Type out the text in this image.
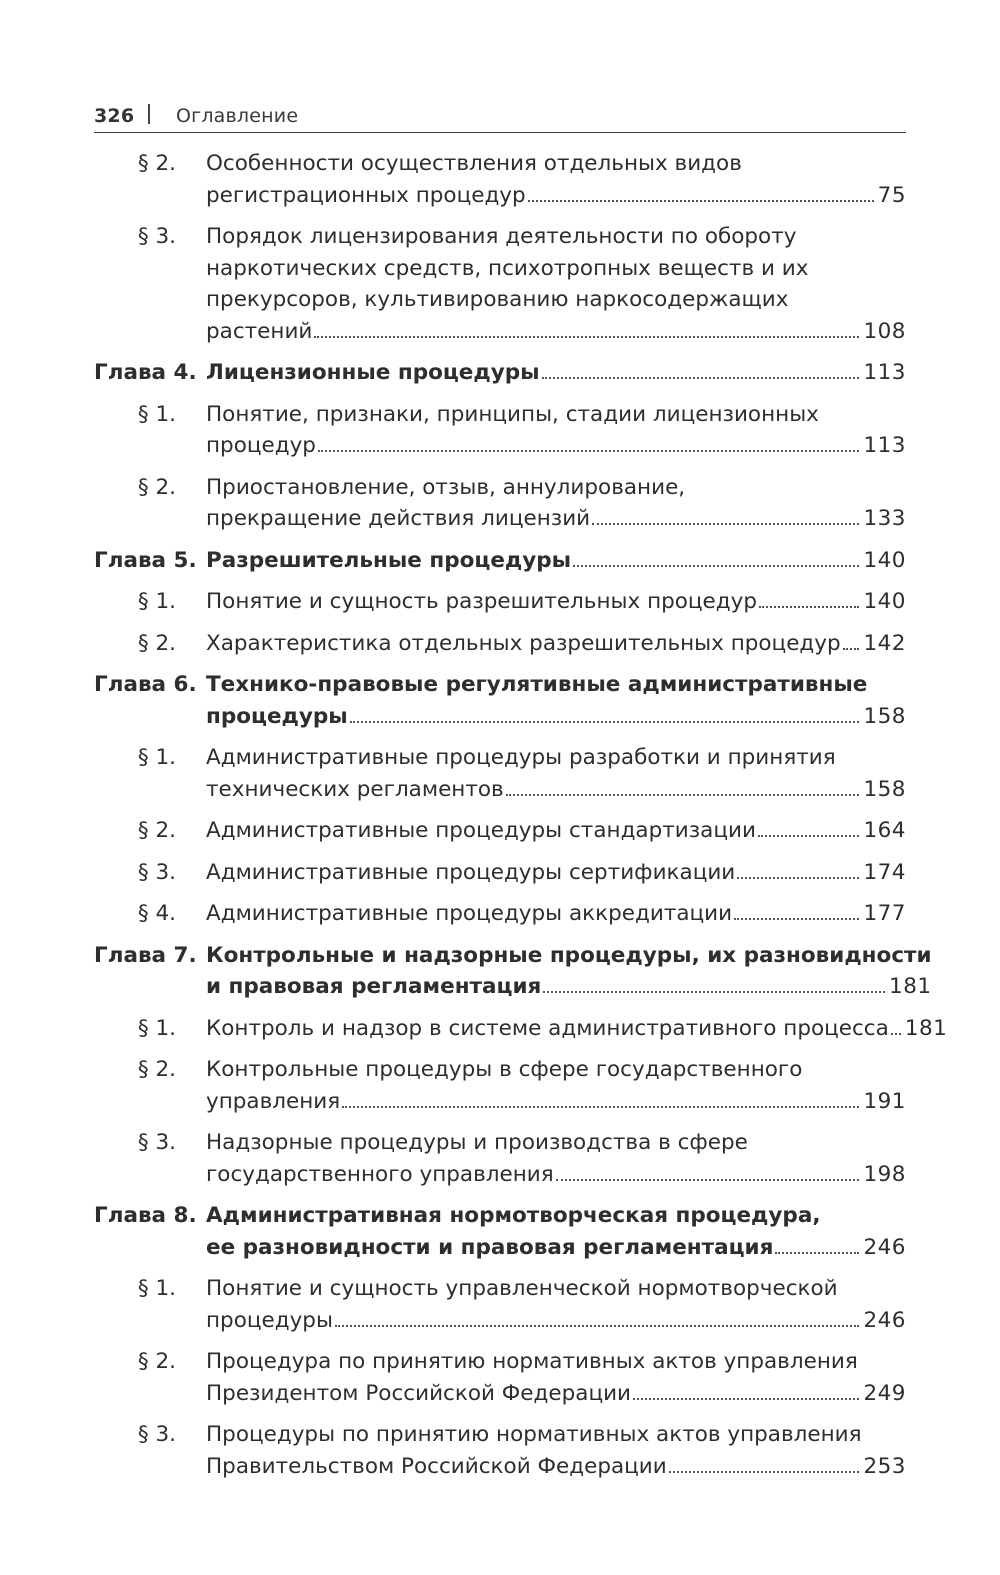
326 Оглавление
§ 2.	Особенности осуществления отдельных видов
регистрационных процедур	75
§ 3.	Порядок лицензирования деятельности по обороту
наркотических средств, психотропных веществ и их
прекурсоров, культивированию наркосодержащих
растений	108
Глава 4. Лицензионные процедуры	113
§ 1.	Понятие, признаки, принципы, стадии лицензионных
процедур	113
§ 2.	Приостановление, отзыв, аннулирование,
прекращение действия лицензий	133
Глава 5. Разрешительные процедуры	140
§ 1.	Понятие и сущность разрешительных процедур	140
§ 2.	Характеристика отдельных разрешительных процедур 142
Глава 6. Технико-правовые регулятивные административные
процедуры	158
§ 1.	Административные процедуры разработки и принятия
технических регламентов	158
§ 2.	Административные процедуры стандартизации	164
§ 3.	Административные процедуры сертификации	174
§ 4.	Административные процедуры аккредитации	177
Глава 7. Контрольные и надзорные процедуры, их разновидности
и правовая регламентация	181
§ 1.	Контроль и надзор в системе административного процесса 181
§ 2.	Контрольные процедуры в сфере государственного
управления	191
§ 3.	Надзорные процедуры и производства в сфере
государственного управления	198
Глава 8. Административная нормотворческая процедура,
ее разновидности и правовая регламентация	246
§ 1.	Понятие и сущность управленческой нормотворческой
процедуры	246
§ 2.	Процедура по принятию нормативных актов управления
Президентом Российской Федерации	249
§ 3.	Процедуры по принятию нормативных актов управления
Правительством Российской Федерации	253
